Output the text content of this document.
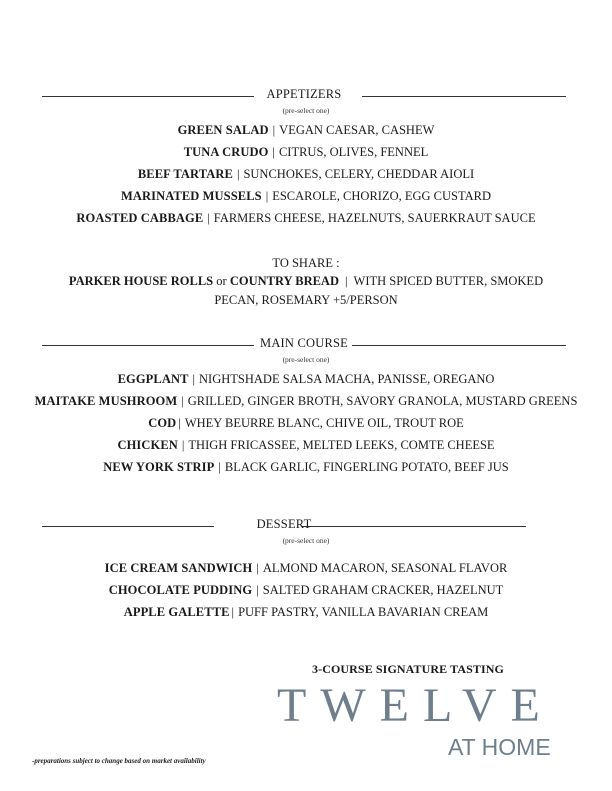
APPETIZERS
(pre-select one)
GREEN SALAD | VEGAN CAESAR, CASHEW
TUNA CRUDO | CITRUS, OLIVES, FENNEL
BEEF TARTARE | SUNCHOKES, CELERY, CHEDDAR AIOLI
MARINATED MUSSELS | ESCAROLE, CHORIZO, EGG CUSTARD
ROASTED CABBAGE | FARMERS CHEESE, HAZELNUTS, SAUERKRAUT SAUCE
TO SHARE :
PARKER HOUSE ROLLS or COUNTRY BREAD | WITH SPICED BUTTER, SMOKED PECAN, ROSEMARY +5/PERSON
MAIN COURSE
(pre-select one)
EGGPLANT | NIGHTSHADE SALSA MACHA, PANISSE, OREGANO
MAITAKE MUSHROOM | GRILLED, GINGER BROTH, SAVORY GRANOLA, MUSTARD GREENS
COD | WHEY BEURRE BLANC, CHIVE OIL, TROUT ROE
CHICKEN | THIGH FRICASSEE, MELTED LEEKS, COMTE CHEESE
NEW YORK STRIP | BLACK GARLIC, FINGERLING POTATO, BEEF JUS
DESSERT
(pre-select one)
ICE CREAM SANDWICH | ALMOND MACARON, SEASONAL FLAVOR
CHOCOLATE PUDDING | SALTED GRAHAM CRACKER, HAZELNUT
APPLE GALETTE | PUFF PASTRY, VANILLA BAVARIAN CREAM
3-COURSE SIGNATURE TASTING
TWELVE
AT HOME
-preparations subject to change based on market availability
